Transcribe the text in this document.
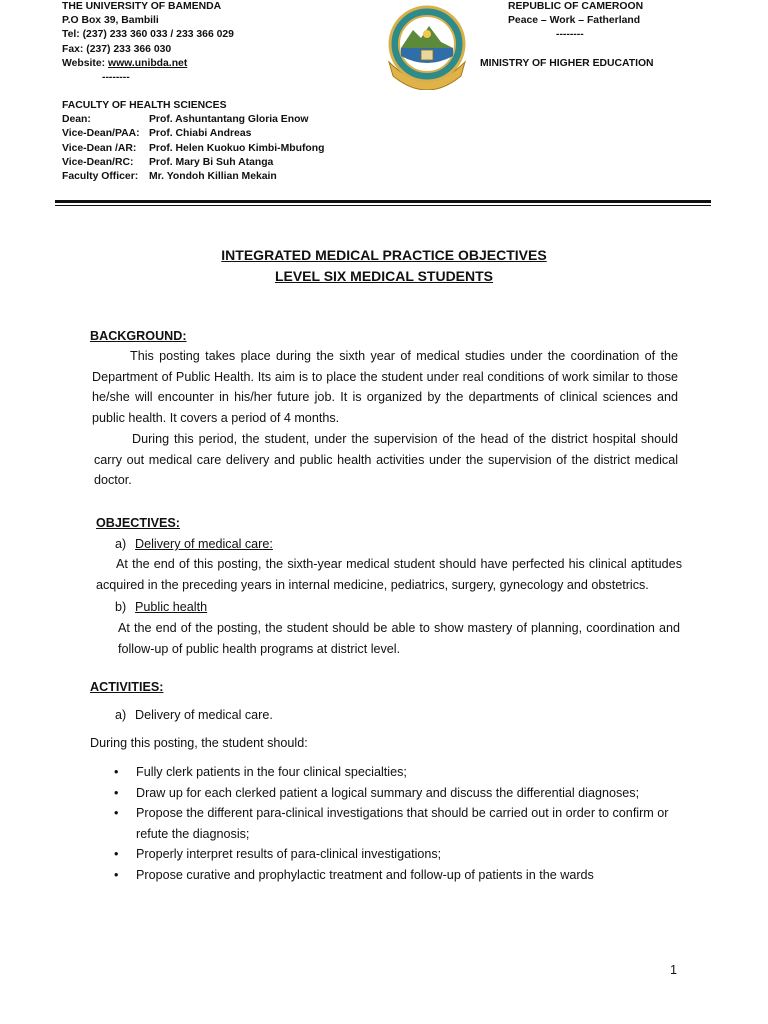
THE UNIVERSITY OF BAMENDA
P.O Box 39, Bambili
Tel: (237) 233 360 033 / 233 366 029
Fax: (237) 233 366 030
Website: www.unibda.net
--------
FACULTY OF HEALTH SCIENCES
Dean:	Prof. Ashuntantang Gloria Enow
Vice-Dean/PAA: Prof. Chiabi Andreas
Vice-Dean /AR:	Prof. Helen Kuokuo Kimbi-Mbufong
Vice-Dean/RC:	Prof. Mary Bi Suh Atanga
Faculty Officer:	Mr. Yondoh Killian Mekain
REPUBLIC OF CAMEROON
Peace – Work – Fatherland
--------
MINISTRY OF HIGHER EDUCATION
INTEGRATED MEDICAL PRACTICE OBJECTIVES
LEVEL SIX MEDICAL STUDENTS
BACKGROUND:
This posting takes place during the sixth year of medical studies under the coordination of the Department of Public Health. Its aim is to place the student under real conditions of work similar to those he/she will encounter in his/her future job. It is organized by the departments of clinical sciences and public health. It covers a period of 4 months.
During this period, the student, under the supervision of the head of the district hospital should carry out medical care delivery and public health activities under the supervision of the district medical doctor.
OBJECTIVES:
a) Delivery of medical care:
At the end of this posting, the sixth-year medical student should have perfected his clinical aptitudes acquired in the preceding years in internal medicine, pediatrics, surgery, gynecology and obstetrics.
b) Public health
At the end of the posting, the student should be able to show mastery of planning, coordination and follow-up of public health programs at district level.
ACTIVITIES:
a) Delivery of medical care.
During this posting, the student should:
• Fully clerk patients in the four clinical specialties;
• Draw up for each clerked patient a logical summary and discuss the differential diagnoses;
• Propose the different para-clinical investigations that should be carried out in order to confirm or refute the diagnosis;
• Properly interpret results of para-clinical investigations;
• Propose curative and prophylactic treatment and follow-up of patients in the wards
1
